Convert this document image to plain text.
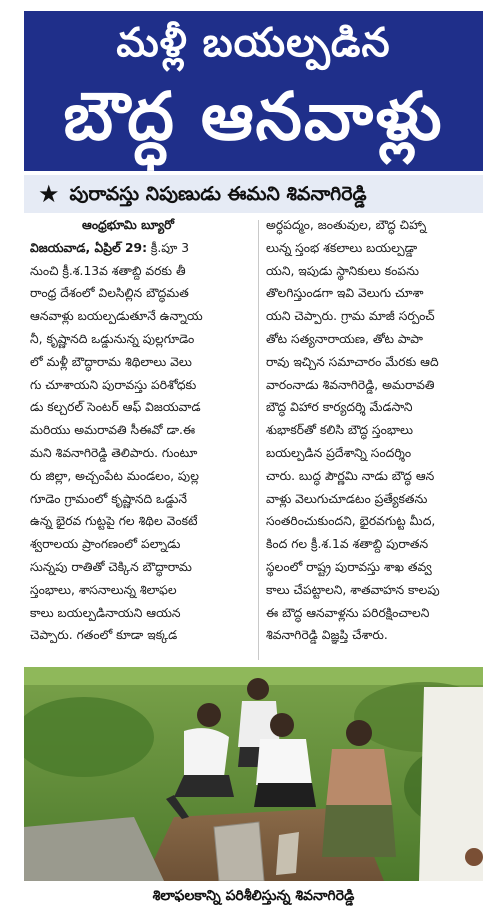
మళ్లీ బయల్పడిన
బౌద్ధ ఆనవాళ్లు
★ పురావస్తు నిపుణుడు ఈమని శివనాగిరెడ్డి
ఆంధ్రభూమి బ్యూరో
విజయవాడ, ఏప్రిల్ 29: క్రీ.పూ 3
నుంచి క్రీ.శ.13వ శతాబ్ది వరకు తీ
రాంధ్ర దేశంలో విలసిల్లిన బౌద్ధమత
ఆనవాళ్లు బయల్పడుతూనే ఉన్నాయ
నీ, కృష్ణానది ఒడ్డునున్న పుల్లగూడెం
లో మళ్లీ బౌద్ధారామ శిథిలాలు వెలు
గు చూశాయని పురావస్తు పరిశోధకు
డు కల్చరల్ సెంటర్ ఆఫ్ విజయవాడ
మరియు అమరావతి సీఈవో డా.ఈ
మని శివనాగిరెడ్డి తెలిపారు. గుంటూ
రు జిల్లా, అచ్చంపేట మండలం, పుల్ల
గూడెం గ్రామంలో కృష్ణానది ఒడ్డునే
ఉన్న భైరవ గుట్టపై గల శిథిల వెంకటే
శ్వరాలయ ప్రాంగణంలో పల్నాడు
సున్నపు రాతితో చెక్కిన బౌద్ధారామ
స్తంభాలు, శాసనాలున్న శిలాఫల
కాలు బయల్పడినాయని ఆయన
చెప్పారు. గతంలో కూడా ఇక్కడ
అర్ధపద్మం, జంతువుల, బౌద్ధ చిహ్నా
లున్న స్తంభ శకలాలు బయల్పడ్డా
యని, ఇపుడు స్థానికులు కంపను
తొలగిస్తుండగా ఇవి వెలుగు చూశా
యని చెప్పారు. గ్రామ మాజీ సర్పంచ్
తోట సత్యనారాయణ, తోట పాపా
రావు ఇచ్చిన సమాచారం మేరకు ఆది
వారంనాడు శివనాగిరెడ్డి, అమరావతి
బౌద్ధ విహార కార్యదర్శి మేడసాని
శుభాకర్‌తో కలిసి బౌద్ధ స్తంభాలు
బయల్పడిన ప్రదేశాన్ని సందర్శిం
చారు. బుద్ధ పౌర్ణమి నాడు బౌద్ధ ఆన
వాళ్లు వెలుగుచూడటం ప్రత్యేకతను
సంతరించుకుందని, భైరవగుట్ట మీద,
కింద గల క్రీ.శ.1వ శతాబ్ది పురాతన
స్థలంలో రాష్ట్ర పురావస్తు శాఖ తవ్వ
కాలు చేపట్టాలని, శాతవాహన కాలపు
ఈ బౌద్ధ ఆనవాళ్లను పరిరక్షించాలని
శివనాగిరెడ్డి విజ్ఞప్తి చేశారు.
శిలాఫలకాన్ని పరిశీలిస్తున్న శివనాగిరెడ్డి
